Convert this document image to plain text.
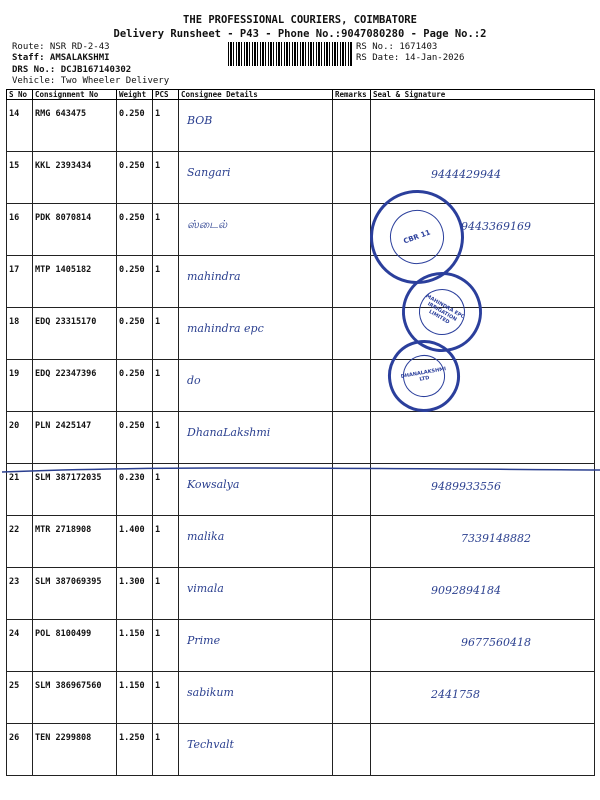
THE PROFESSIONAL COURIERS, COIMBATORE
Delivery Runsheet - P43 - Phone No.:9047080280 - Page No.:2
Route: NSR RD-2-43
Staff: AMSALAKSHMI
DRS No.: DCJB167140302
Vehicle: Two Wheeler Delivery
RS No.: 1671403
RS Date: 14-Jan-2026
S No	Consignment No	Weight	PCS	Consignee Details	Remarks	Seal & Signature
14	RMG 643475	0.250	1	BOB		

15	KKL 2393434	0.250	1	Sangari		9444429944

16	PDK 8070814	0.250	1	ஸ்டைல்		9443369169

17	MTP 1405182	0.250	1	mahindra		

18	EDQ 23315170	0.250	1	mahindra epc		

19	EDQ 22347396	0.250	1	do		

20	PLN 2425147	0.250	1	DhanaLakshmi		

21	SLM 387172035	0.230	1	Kowsalya		9489933556

22	MTR 2718908	1.400	1	malika		7339148882

23	SLM 387069395	1.300	1	vimala		9092894184

24	POL 8100499	1.150	1	Prime		9677560418

25	SLM 386967560	1.150	1	sabikum		2441758

26	TEN 2299808	1.250	1	Techvalt		

CBR 11
MAHINDRA EPC IRRIGATION LIMITED
DHANALAKSHMI LTD
